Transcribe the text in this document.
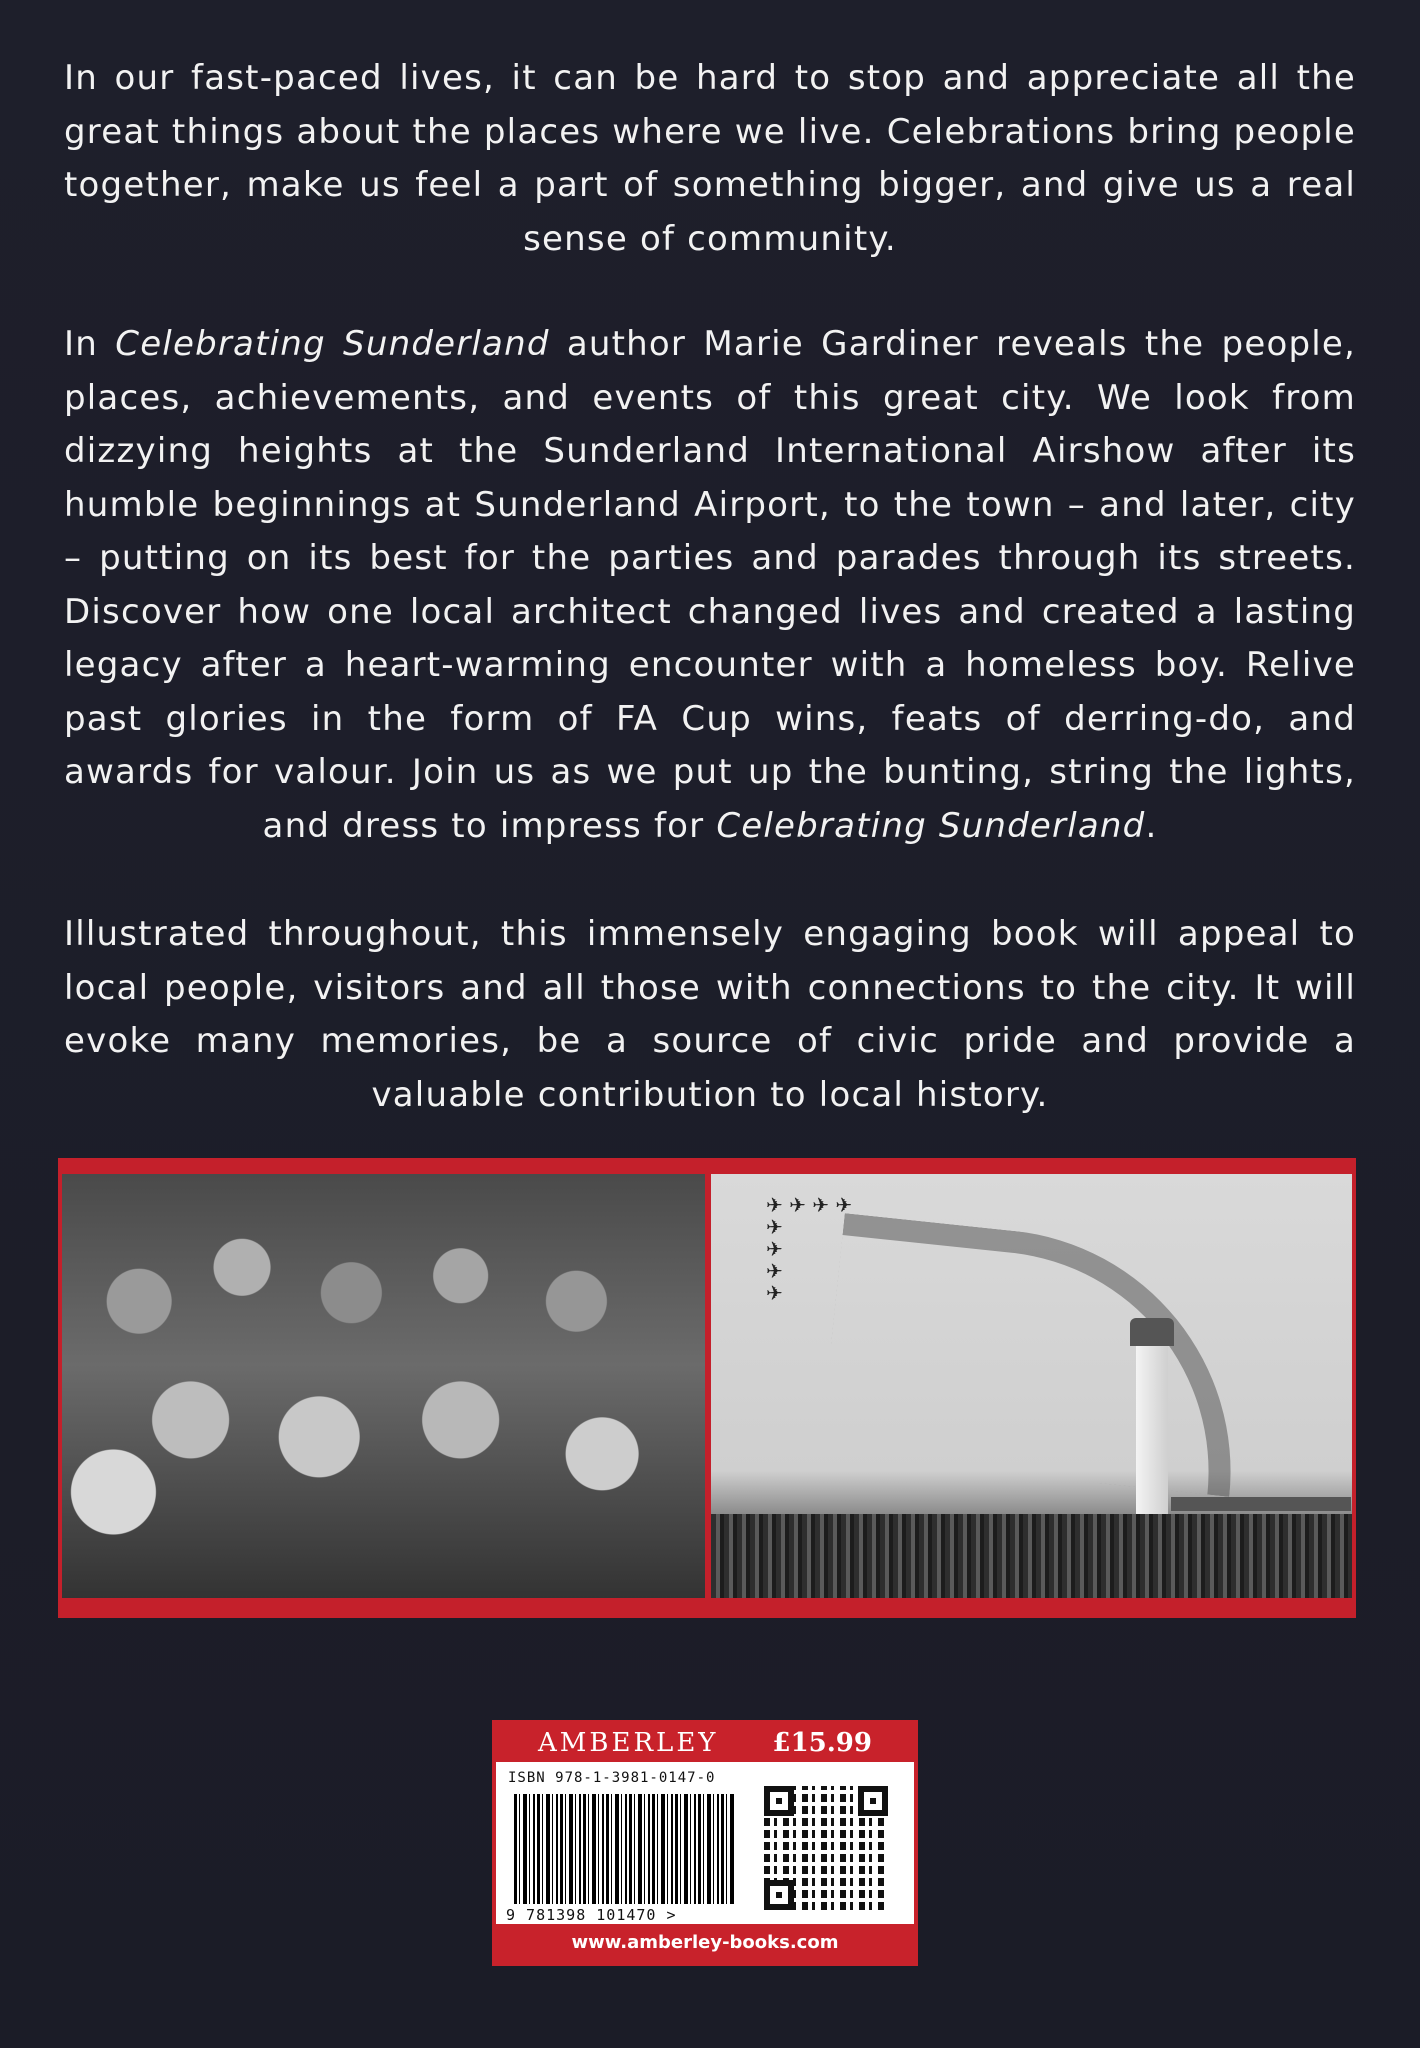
In our fast-paced lives, it can be hard to stop and appreciate all the great things about the places where we live. Celebrations bring people together, make us feel a part of something bigger, and give us a real sense of community.

In Celebrating Sunderland author Marie Gardiner reveals the people, places, achievements, and events of this great city. We look from dizzying heights at the Sunderland International Airshow after its humble beginnings at Sunderland Airport, to the town – and later, city – putting on its best for the parties and parades through its streets. Discover how one local architect changed lives and created a lasting legacy after a heart-warming encounter with a homeless boy. Relive past glories in the form of FA Cup wins, feats of derring-do, and awards for valour. Join us as we put up the bunting, string the lights, and dress to impress for Celebrating Sunderland.

Illustrated throughout, this immensely engaging book will appeal to local people, visitors and all those with connections to the city. It will evoke many memories, be a source of civic pride and provide a valuable contribution to local history.

✈ ✈ ✈ ✈
✈
✈
✈
✈
AMBERLEY £15.99
ISBN 978-1-3981-0147-0
9 781398 101470 >
www.amberley-books.com
